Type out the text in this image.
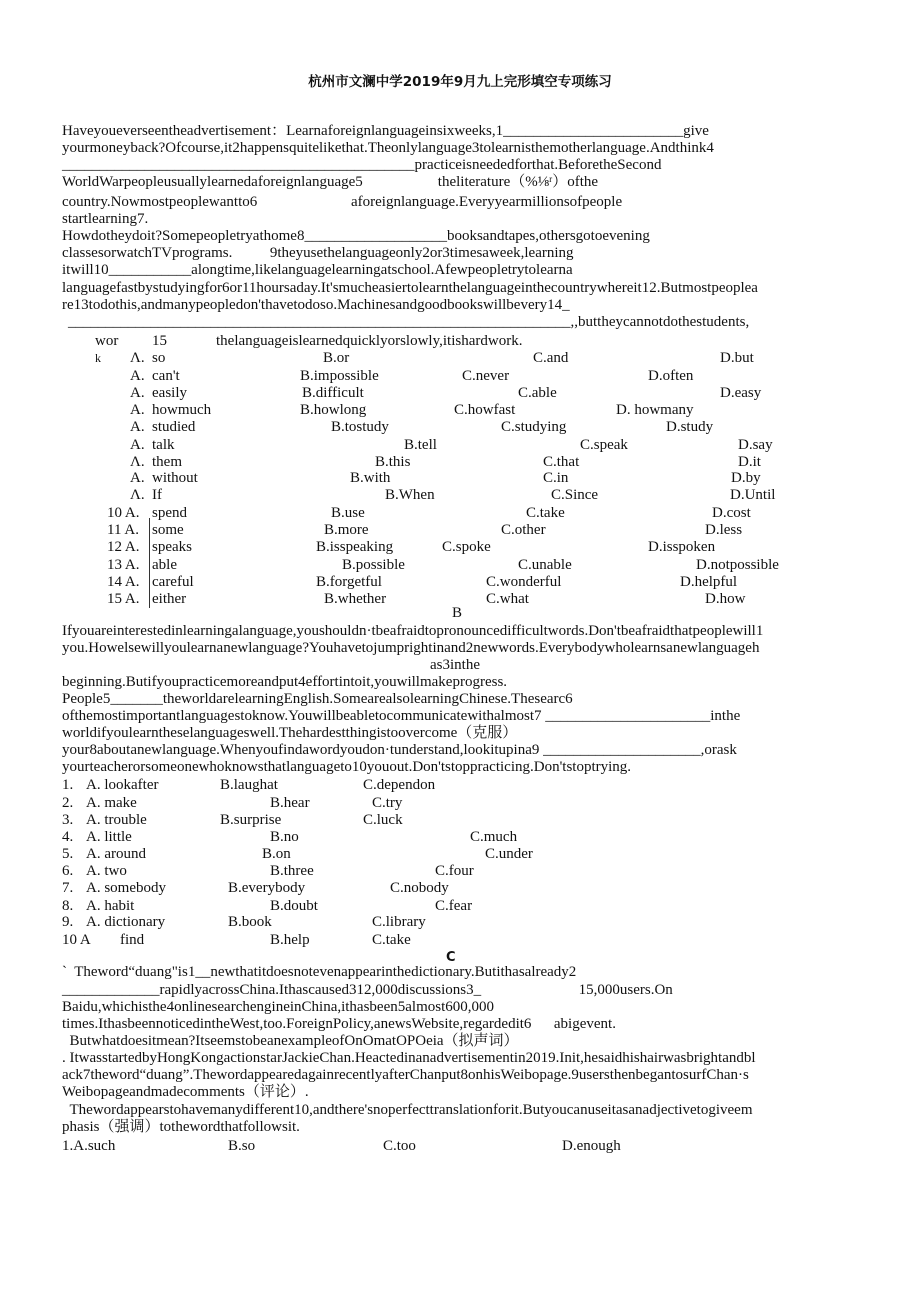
杭州市文澜中学2019年9月九上完形填空专项练习
Haveyoueverseentheadvertisement：Learnaforeignlanguageinsixweeks,1________________________give
yourmoneyback?Ofcourse,it2happensquitelikethat.Theonlylanguage3tolearnisthemotherlanguage.Andthink4
_______________________________________________practiceisneededforthat.BeforetheSecond
WorldWarpeopleusuallylearnedaforeignlanguage5                    theliterature（%⅛ʳ）ofthe
country.Nowmostpeoplewantto6                         aforeignlanguage.Everyyearmillionsofpeople
startlearning7.
Howdotheydoit?Somepeopletryathome8___________________booksandtapes,othersgotoevening
classesorwatchTVprograms.          9theyusethelanguageonly2or3timesaweek,learning
itwill10___________alongtime,likelanguagelearningatschool.Afewpeopletrytolearna
languagefastbystudyingfor6or11hoursaday.It'smucheasiertolearnthelanguageinthecountrywhereit12.Butmostpeoplea
re13todothis,andmanypeopledon'thavetodoso.Machinesandgoodbookswillbevery14_
___________________________________________________________________,,buttheycannotdothestudents,
wor
k
15	thelanguageislearnedquicklyorslowly,itishardwork.
Λ. so	B.or	C.and	D.but
A. can't	B.impossible	C.never	D.often
A. easily	B.difficult	C.able	D.easy
A. howmuch	B.howlong	C.howfast	D. howmany
A. studied	B.tostudy	C.studying	D.study
A. talk	B.tell	C.speak	D.say
Λ. them	B.this	C.that	D.it
A. without	B.with	C.in	D.by
Λ. If	B.When	C.Since	D.Until
10 A. spend	B.use	C.take	D.cost
11 A. some	B.more	C.other	D.less
12 A. speaks	B.isspeaking	C.spoke	D.isspoken
13 A. able	B.possible	C.unable	D.notpossible
14 A. careful	B.forgetful	C.wonderful	D.helpful
15 A. either	B.whether	C.what	D.how
B
Ifyouareinterestedinlearningalanguage,youshouldn·tbeafraidtopronouncedifficultwords.Don'tbeafraidthatpeoplewill1
you.Howelsewillyoulearnanewlanguage?Youhavetojumprightinand2newwords.Everybodywholearnsanewlanguageh
as3inthe
beginning.Butifyoupracticemoreandput4effortintoit,youwillmakeprogress.
People5_______theworldarelearningEnglish.SomearealsolearningChinese.Thesearc6
ofthemostimportantlanguagestoknow.Youwillbeabletocommunicatewithalmost7 ______________________inthe
worldifyoulearntheselanguageswell.Thehardestthingistoovercome（克服）
your8aboutanewlanguage.Whenyoufindawordyoudon·tunderstand,lookitupina9 _____________________,orask
yourteacherorsomeonewhoknowsthatlanguageto10youout.Don'tstoppracticing.Don'tstoptrying.
1. A. lookafter	B.laughat	C.dependon
2. A. make	B.hear	C.try
3. A. trouble	B.surprise	C.luck
4. A. little	B.no	C.much
5. A. around	B.on	C.under
6. A. two	B.three	C.four
7. A. somebody	B.everybody	C.nobody
8. A. habit	B.doubt	C.fear
9. A. dictionary	B.book	C.library
10 A find	B.help	C.take
C
`  Theword“duang"is1__newthatitdoesnotevenappearinthedictionary.Butithasalready2
_____________rapidlyacrossChina.Ithascaused312,000discussions3_                          15,000users.On
Baidu,whichisthe4onlinesearchengineinChina,ithasbeen5almost600,000
times.IthasbeennoticedintheWest,too.ForeignPolicy,anewsWebsite,regardedit6      abigevent.
Butwhatdoesitmean?ItseemstobeanexampleofOnOmatOPOeia（拟声词）
. ItwasstartedbyHongKongactionstarJackieChan.Heactedinanadvertisementin2019.Init,hesaidhishairwasbrightandbl
ack7theword“duang”.ThewordappearedagainrecentlyafterChanput8onhisWeibopage.9usersthenbegantosurfChan·s
Weibopageandmadecomments（评论）.
Thewordappearstohavemanydifferent10,andthere'snoperfecttranslationforit.Butyoucanuseitasanadjectivetogiveem
phasis（强调）tothewordthatfollowsit.
1.A.such	B.so	C.too	D.enough
